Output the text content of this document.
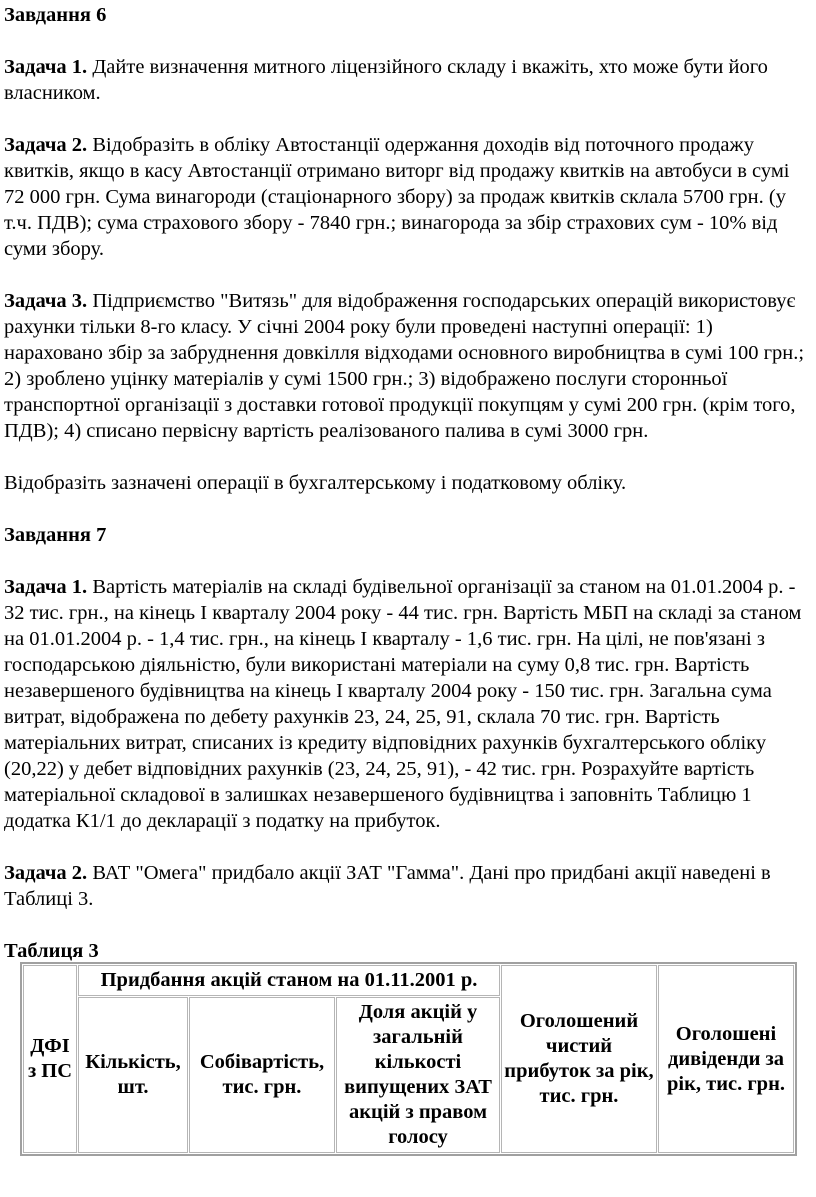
Завдання 6

Задача 1. Дайте визначення митного ліцензійного складу і вкажіть, хто може бути його власником.

Задача 2. Відобразіть в обліку Автостанції одержання доходів від поточного продажу квитків, якщо в касу Автостанції отримано виторг від продажу квитків на автобуси в сумі 72 000 грн. Сума винагороди (стаціонарного збору) за продаж квитків склала 5700 грн. (у т.ч. ПДВ); сума страхового збору - 7840 грн.; винагорода за збір страхових сум - 10% від суми збору.

Задача 3. Підприємство "Витязь" для відображення господарських операцій використовує рахунки тільки 8-го класу. У січні 2004 року були проведені наступні операції: 1) нараховано збір за забруднення довкілля відходами основного виробництва в сумі 100 грн.; 2) зроблено уцінку матеріалів у сумі 1500 грн.; 3) відображено послуги сторонньої транспортної організації з доставки готової продукції покупцям у сумі 200 грн. (крім того, ПДВ); 4) списано первісну вартість реалізованого палива в сумі 3000 грн.

Відобразіть зазначені операції в бухгалтерському і податковому обліку.

Завдання 7

Задача 1. Вартість матеріалів на складі будівельної організації за станом на 01.01.2004 р. - 32 тис. грн., на кінець І кварталу 2004 року - 44 тис. грн. Вартість МБП на складі за станом на 01.01.2004 р. - 1,4 тис. грн., на кінець І кварталу - 1,6 тис. грн. На цілі, не пов'язані з господарською діяльністю, були використані матеріали на суму 0,8 тис. грн. Вартість незавершеного будівництва на кінець І кварталу 2004 року - 150 тис. грн. Загальна сума витрат, відображена по дебету рахунків 23, 24, 25, 91, склала 70 тис. грн. Вартість матеріальних витрат, списаних із кредиту відповідних рахунків бухгалтерського обліку (20,22) у дебет відповідних рахунків (23, 24, 25, 91), - 42 тис. грн. Розрахуйте вартість матеріальної складової в залишках незавершеного будівництва і заповніть Таблицю 1 додатка К1/1 до декларації з податку на прибуток.

Задача 2. ВАТ "Омега" придбало акції ЗАТ "Гамма". Дані про придбані акції наведені в Таблиці 3.

Таблиця 3

ДФІ з ПС	Придбання акцій станом на 01.11.2001 р.			Оголошений чистий прибуток за рік, тис. грн.	Оголошені дивіденди за рік, тис. грн.
	Кількість, шт.	Собівартість, тис. грн.	Доля акцій у загальній кількості випущених ЗАТ акцій з правом голосу		
